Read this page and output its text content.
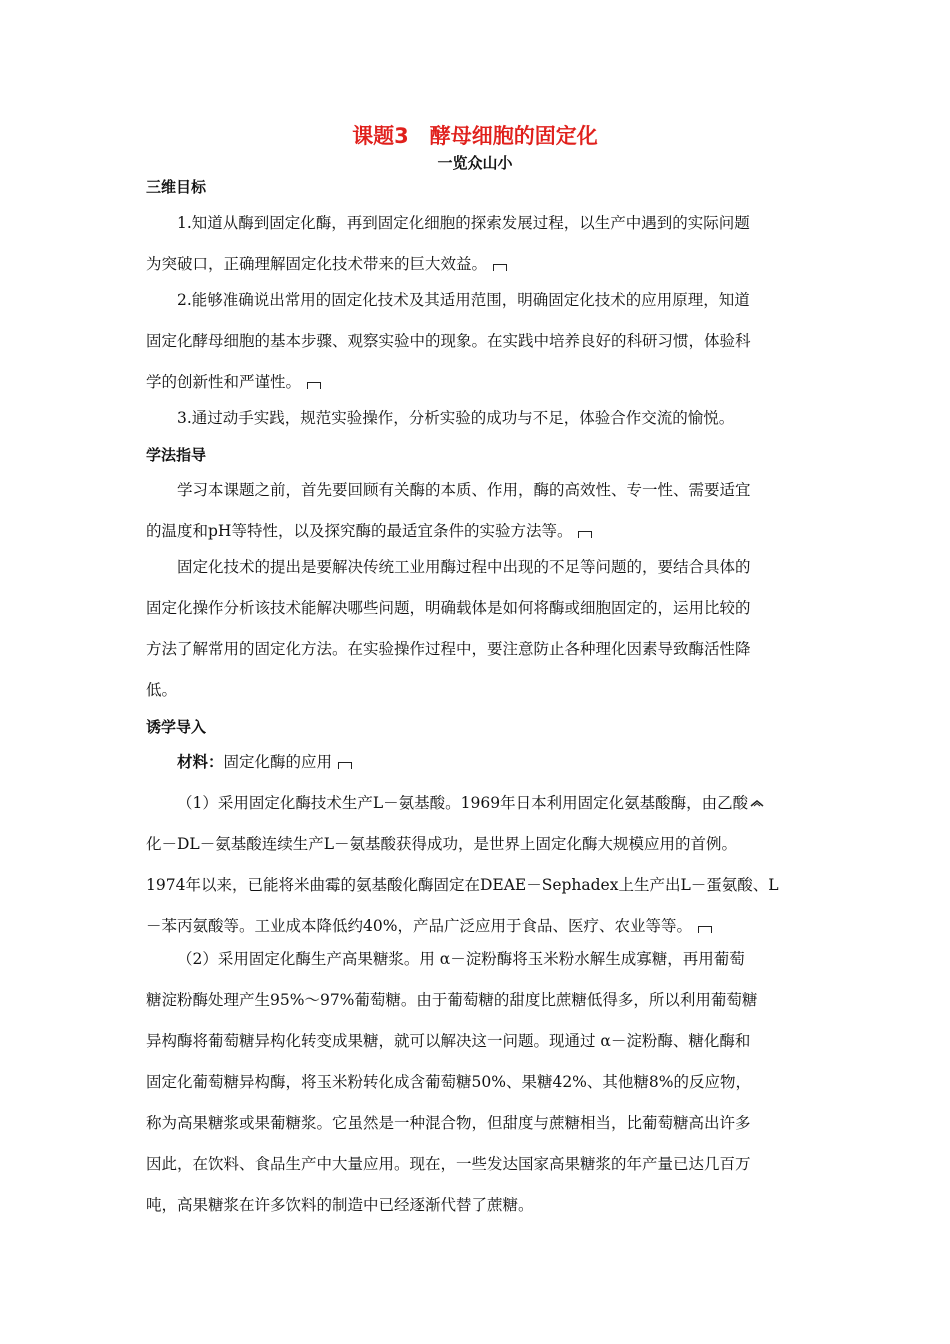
课题3　酵母细胞的固定化
一览众山小
三维目标
1.知道从酶到固定化酶，再到固定化细胞的探索发展过程，以生产中遇到的实际问题
为突破口，正确理解固定化技术带来的巨大效益。
2.能够准确说出常用的固定化技术及其适用范围，明确固定化技术的应用原理，知道
固定化酵母细胞的基本步骤、观察实验中的现象。在实践中培养良好的科研习惯，体验科
学的创新性和严谨性。
3.通过动手实践，规范实验操作，分析实验的成功与不足，体验合作交流的愉悦。
学法指导
学习本课题之前，首先要回顾有关酶的本质、作用，酶的高效性、专一性、需要适宜
的温度和pH等特性，以及探究酶的最适宜条件的实验方法等。
固定化技术的提出是要解决传统工业用酶过程中出现的不足等问题的，要结合具体的
固定化操作分析该技术能解决哪些问题，明确载体是如何将酶或细胞固定的，运用比较的
方法了解常用的固定化方法。在实验操作过程中，要注意防止各种理化因素导致酶活性降
低。
诱学导入
材料：固定化酶的应用
（1）采用固定化酶技术生产L－氨基酸。1969年日本利用固定化氨基酸酶，由乙酸
化－DL－氨基酸连续生产L－氨基酸获得成功，是世界上固定化酶大规模应用的首例。
1974年以来，已能将米曲霉的氨基酸化酶固定在DEAE－Sephadex上生产出L－蛋氨酸、L
－苯丙氨酸等。工业成本降低约40%，产品广泛应用于食品、医疗、农业等等。
（2）采用固定化酶生产高果糖浆。用 α－淀粉酶将玉米粉水解生成寡糖，再用葡萄
糖淀粉酶处理产生95%～97%葡萄糖。由于葡萄糖的甜度比蔗糖低得多，所以利用葡萄糖
异构酶将葡萄糖异构化转变成果糖，就可以解决这一问题。现通过 α－淀粉酶、糖化酶和
固定化葡萄糖异构酶，将玉米粉转化成含葡萄糖50%、果糖42%、其他糖8%的反应物，
称为高果糖浆或果葡糖浆。它虽然是一种混合物，但甜度与蔗糖相当，比葡萄糖高出许多
因此，在饮料、食品生产中大量应用。现在，一些发达国家高果糖浆的年产量已达几百万
吨，高果糖浆在许多饮料的制造中已经逐渐代替了蔗糖。
